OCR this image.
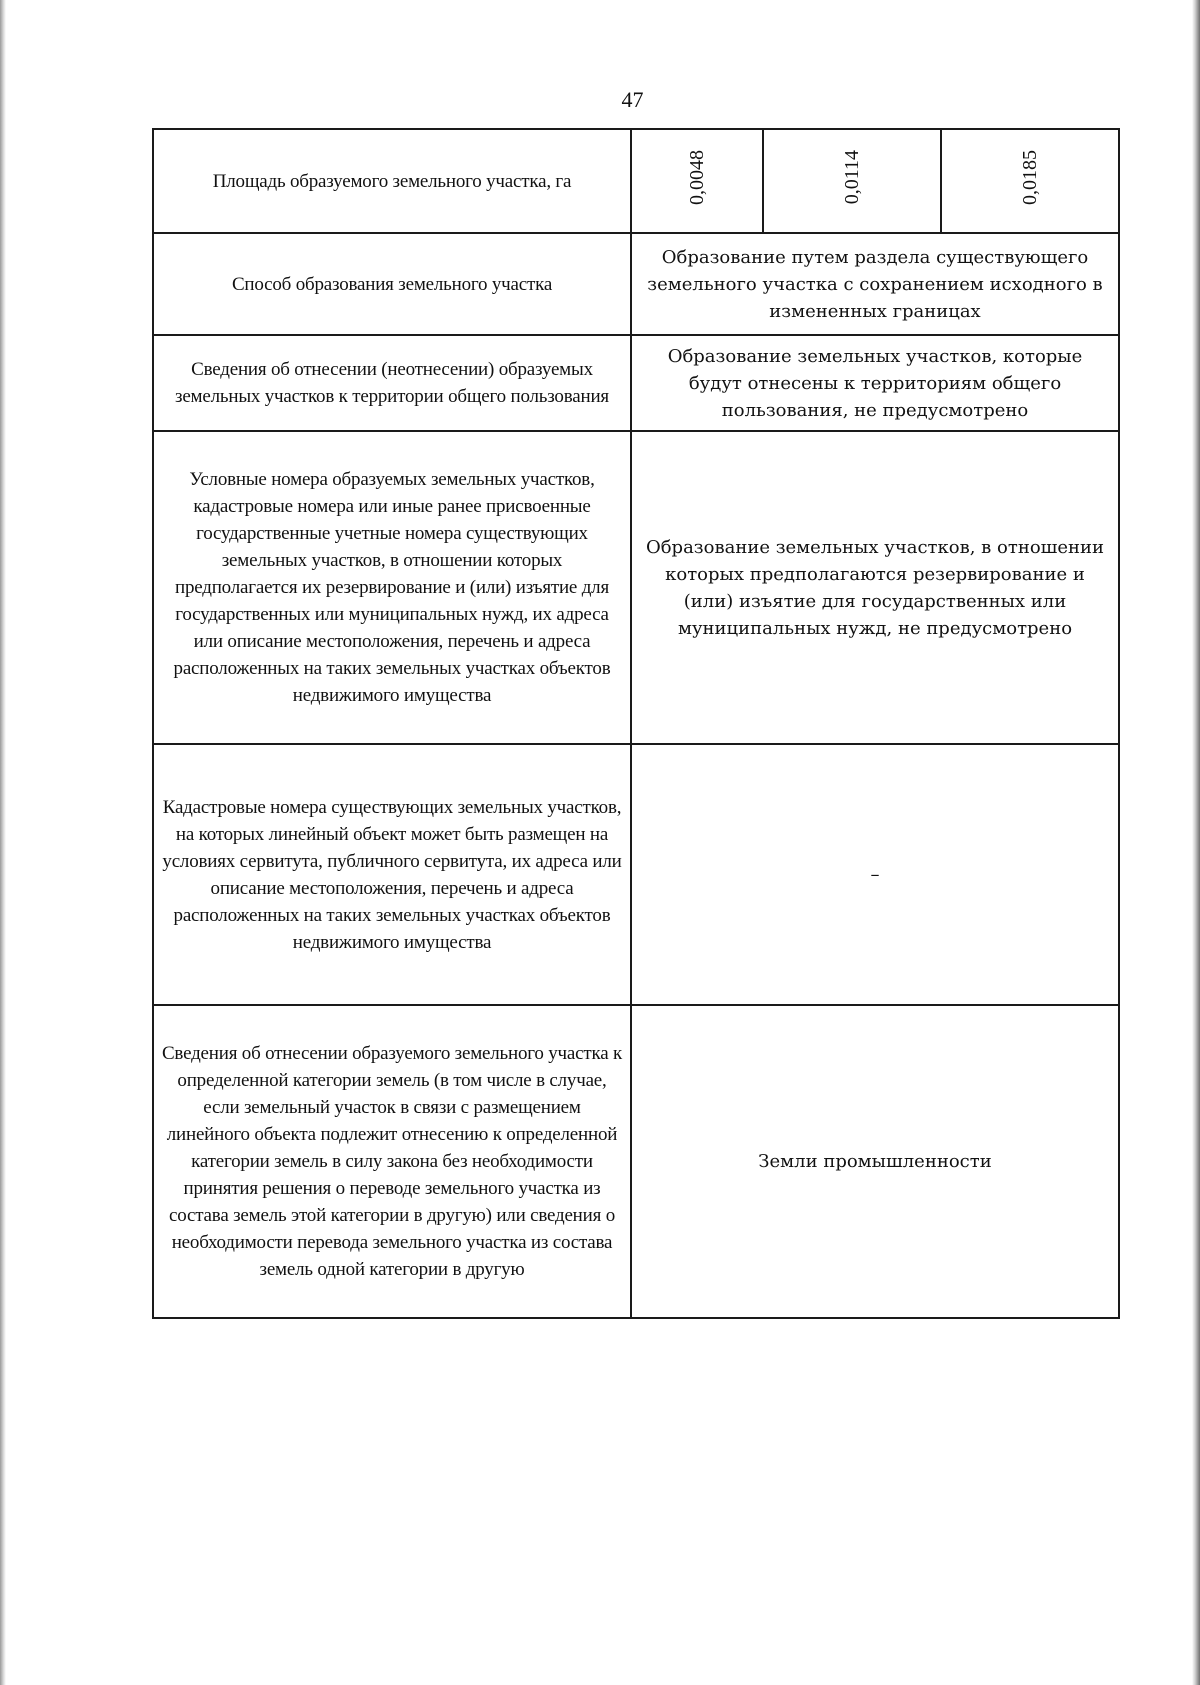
47
Площадь образуемого земельного участка, га	0,0048	0,0114	0,0185
Способ образования земельного участка	Образование путем раздела существующего земельного участка с сохранением исходного в измененных границах		
Сведения об отнесении (неотнесении) образуемых земельных участков к территории общего пользования	Образование земельных участков, которые будут отнесены к территориям общего пользования, не предусмотрено		
Условные номера образуемых земельных участков, кадастровые номера или иные ранее присвоенные государственные учетные номера существующих земельных участков, в отношении которых предполагается их резервирование и (или) изъятие для государственных или муниципальных нужд, их адреса или описание местоположения, перечень и адреса расположенных на таких земельных участках объектов недвижимого имущества	Образование земельных участков, в отношении которых предполагаются резервирование и (или) изъятие для государственных или муниципальных нужд, не предусмотрено		
Кадастровые номера существующих земельных участков, на которых линейный объект может быть размещен на условиях сервитута, публичного сервитута, их адреса или описание местоположения, перечень и адреса расположенных на таких земельных участках объектов недвижимого имущества	–		
Сведения об отнесении образуемого земельного участка к определенной категории земель (в том числе в случае, если земельный участок в связи с размещением линейного объекта подлежит отнесению к определенной категории земель в силу закона без необходимости принятия решения о переводе земельного участка из состава земель этой категории в другую) или сведения о необходимости перевода земельного участка из состава земель одной категории в другую	Земли промышленности		
